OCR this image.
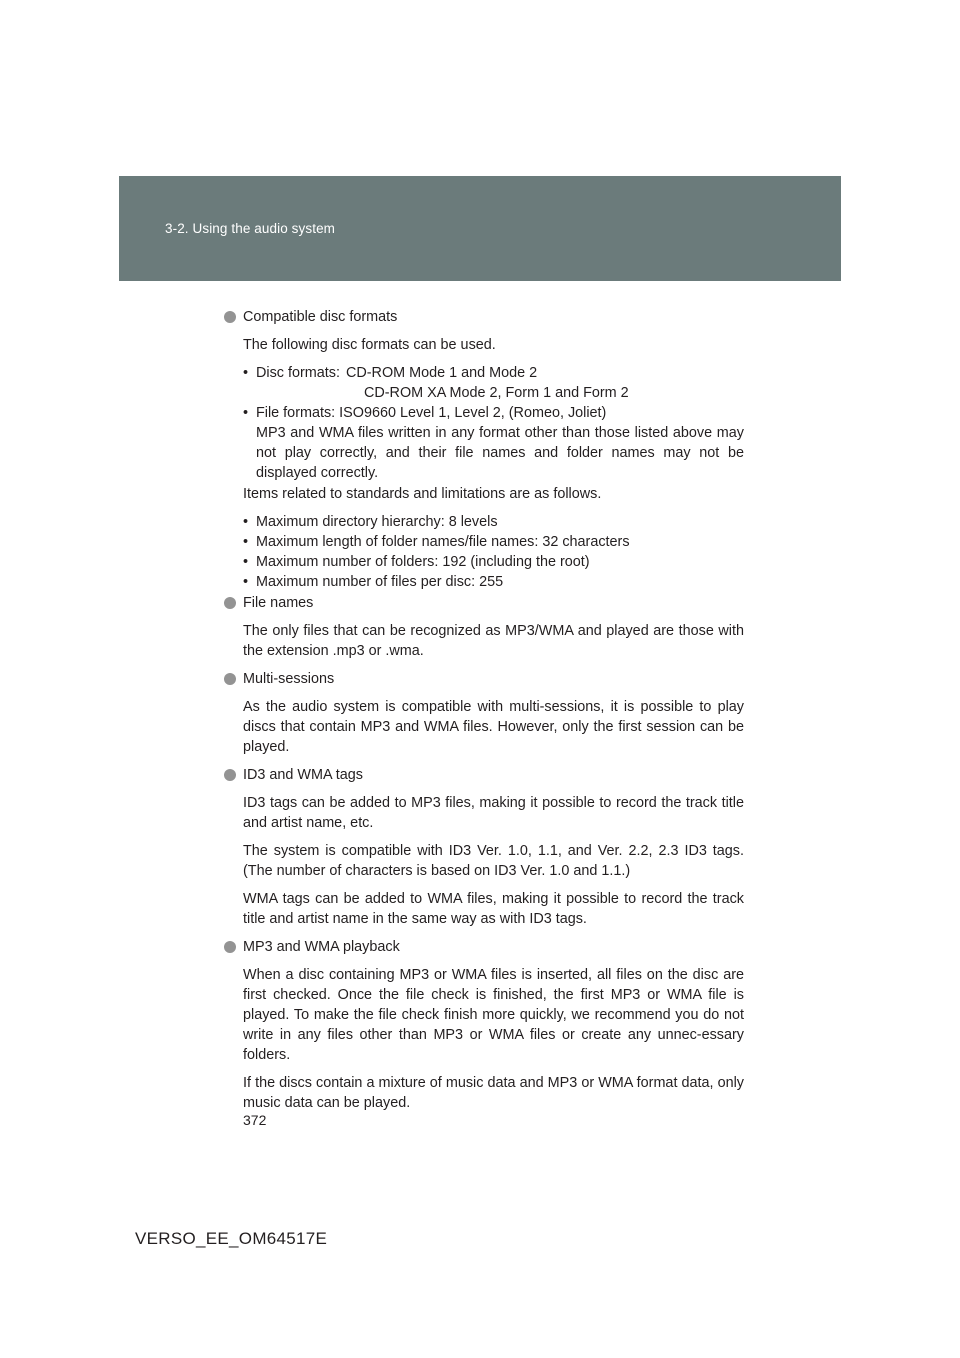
3-2. Using the audio system
Compatible disc formats
The following disc formats can be used.
• Disc formats: CD-ROM Mode 1 and Mode 2
CD-ROM XA Mode 2, Form 1 and Form 2
• File formats: ISO9660 Level 1, Level 2, (Romeo, Joliet)
MP3 and WMA files written in any format other than those listed above may not play correctly, and their file names and folder names may not be displayed correctly.
Items related to standards and limitations are as follows.
• Maximum directory hierarchy: 8 levels
• Maximum length of folder names/file names: 32 characters
• Maximum number of folders: 192 (including the root)
• Maximum number of files per disc: 255
File names
The only files that can be recognized as MP3/WMA and played are those with the extension .mp3 or .wma.
Multi-sessions
As the audio system is compatible with multi-sessions, it is possible to play discs that contain MP3 and WMA files. However, only the first session can be played.
ID3 and WMA tags
ID3 tags can be added to MP3 files, making it possible to record the track title and artist name, etc.
The system is compatible with ID3 Ver. 1.0, 1.1, and Ver. 2.2, 2.3 ID3 tags. (The number of characters is based on ID3 Ver. 1.0 and 1.1.)
WMA tags can be added to WMA files, making it possible to record the track title and artist name in the same way as with ID3 tags.
MP3 and WMA playback
When a disc containing MP3 or WMA files is inserted, all files on the disc are first checked. Once the file check is finished, the first MP3 or WMA file is played. To make the file check finish more quickly, we recommend you do not write in any files other than MP3 or WMA files or create any unnec-essary folders.
If the discs contain a mixture of music data and MP3 or WMA format data, only music data can be played.
372
VERSO_EE_OM64517E
